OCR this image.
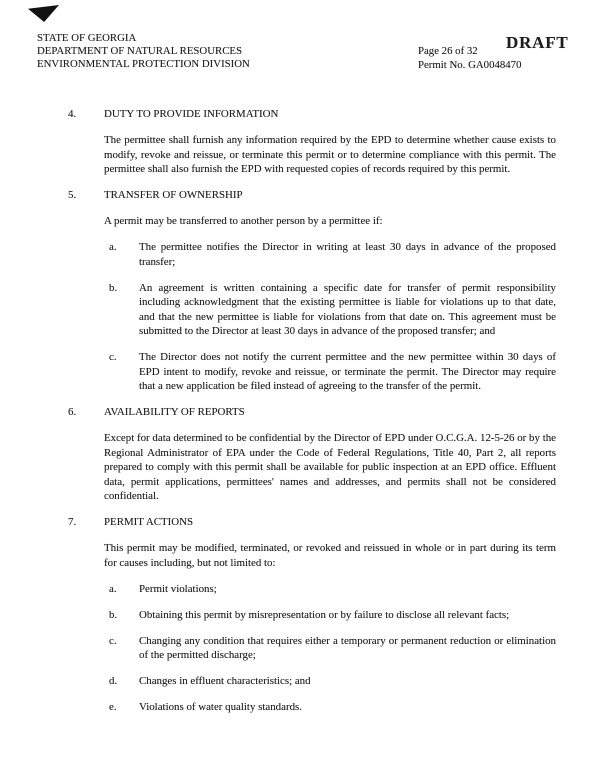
STATE OF GEORGIA
DEPARTMENT OF NATURAL RESOURCES
ENVIRONMENTAL PROTECTION DIVISION
DRAFT
Page 26 of 32
Permit No. GA0048470
4.	DUTY TO PROVIDE INFORMATION

The permittee shall furnish any information required by the EPD to determine whether cause exists to modify, revoke and reissue, or terminate this permit or to determine compliance with this permit. The permittee shall also furnish the EPD with requested copies of records required by this permit.

5.	TRANSFER OF OWNERSHIP

A permit may be transferred to another person by a permittee if:

a.	The permittee notifies the Director in writing at least 30 days in advance of the proposed transfer;
b.	An agreement is written containing a specific date for transfer of permit responsibility including acknowledgment that the existing permittee is liable for violations up to that date, and that the new permittee is liable for violations from that date on. This agreement must be submitted to the Director at least 30 days in advance of the proposed transfer; and
c.	The Director does not notify the current permittee and the new permittee within 30 days of EPD intent to modify, revoke and reissue, or terminate the permit. The Director may require that a new application be filed instead of agreeing to the transfer of the permit.
6.	AVAILABILITY OF REPORTS

Except for data determined to be confidential by the Director of EPD under O.C.G.A. 12-5-26 or by the Regional Administrator of EPA under the Code of Federal Regulations, Title 40, Part 2, all reports prepared to comply with this permit shall be available for public inspection at an EPD office. Effluent data, permit applications, permittees' names and addresses, and permits shall not be considered confidential.

7.	PERMIT ACTIONS

This permit may be modified, terminated, or revoked and reissued in whole or in part during its term for causes including, but not limited to:

a.	Permit violations;
b.	Obtaining this permit by misrepresentation or by failure to disclose all relevant facts;
c.	Changing any condition that requires either a temporary or permanent reduction or elimination of the permitted discharge;
d.	Changes in effluent characteristics; and
e.	Violations of water quality standards.
